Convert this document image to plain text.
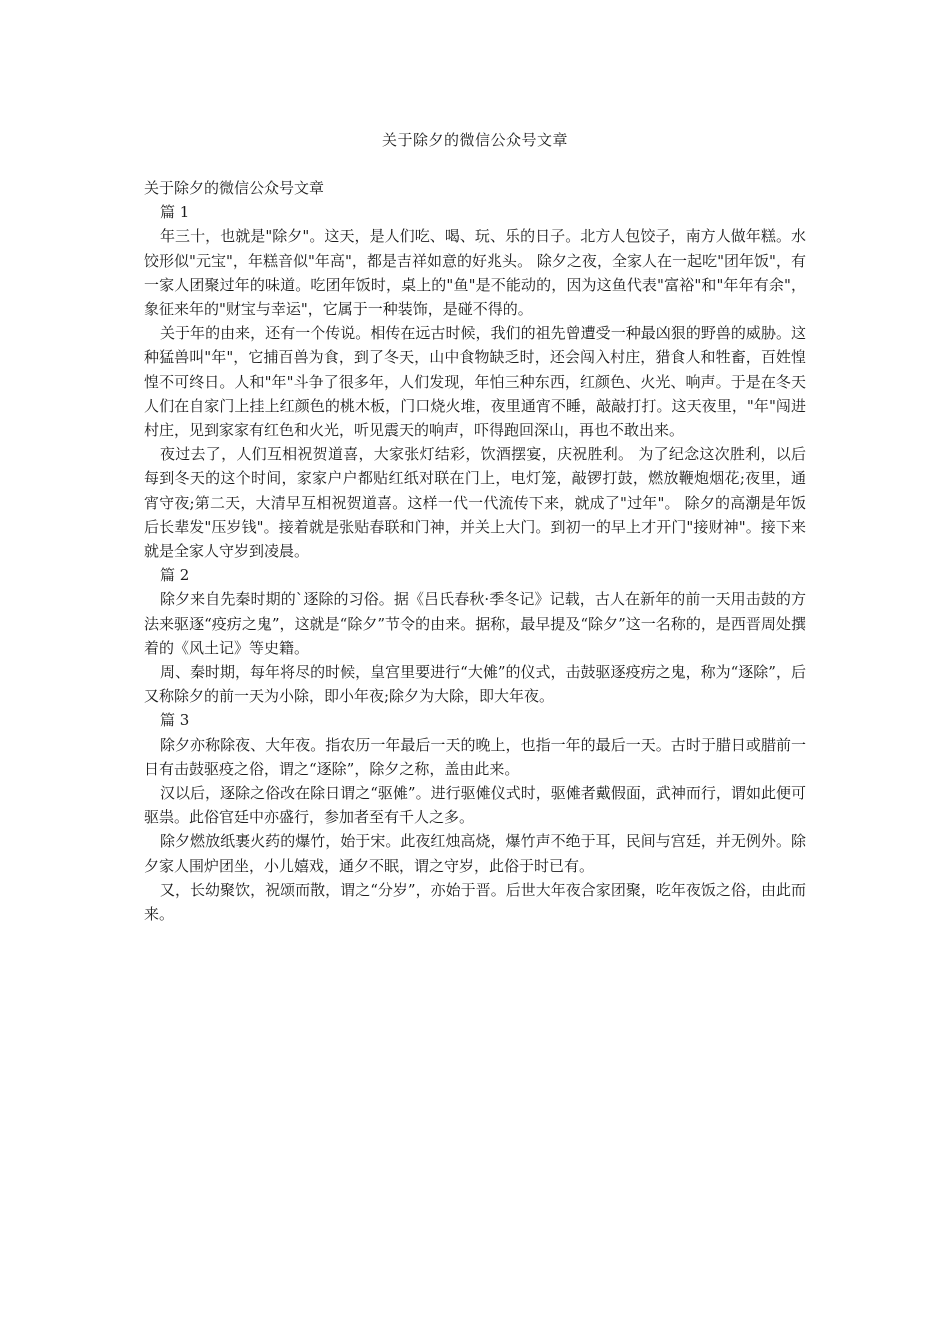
关于除夕的微信公众号文章

关于除夕的微信公众号文章

篇 1

年三十，也就是"除夕"。这天，是人们吃、喝、玩、乐的日子。北方人包饺子，南方人做年糕。水饺形似"元宝"，年糕音似"年高"，都是吉祥如意的好兆头。 除夕之夜，全家人在一起吃"团年饭"，有一家人团聚过年的味道。吃团年饭时，桌上的"鱼"是不能动的，因为这鱼代表"富裕"和"年年有余"，象征来年的"财宝与幸运"，它属于一种装饰，是碰不得的。

关于年的由来，还有一个传说。相传在远古时候，我们的祖先曾遭受一种最凶狠的野兽的威胁。这种猛兽叫"年"，它捕百兽为食，到了冬天，山中食物缺乏时，还会闯入村庄，猎食人和牲畜，百姓惶惶不可终日。人和"年"斗争了很多年，人们发现，年怕三种东西，红颜色、火光、响声。于是在冬天人们在自家门上挂上红颜色的桃木板，门口烧火堆，夜里通宵不睡，敲敲打打。这天夜里，"年"闯进村庄，见到家家有红色和火光，听见震天的响声，吓得跑回深山，再也不敢出来。

夜过去了，人们互相祝贺道喜，大家张灯结彩，饮酒摆宴，庆祝胜利。 为了纪念这次胜利，以后每到冬天的这个时间，家家户户都贴红纸对联在门上，电灯笼，敲锣打鼓，燃放鞭炮烟花;夜里，通宵守夜;第二天，大清早互相祝贺道喜。这样一代一代流传下来，就成了"过年"。 除夕的高潮是年饭后长辈发"压岁钱"。接着就是张贴春联和门神，并关上大门。到初一的早上才开门"接财神"。接下来就是全家人守岁到凌晨。

篇 2

除夕来自先秦时期的`逐除的习俗。据《吕氏春秋·季冬记》记载，古人在新年的前一天用击鼓的方法来驱逐“疫疠之鬼”，这就是“除夕”节令的由来。据称，最早提及“除夕”这一名称的，是西晋周处撰着的《风土记》等史籍。

周、秦时期，每年将尽的时候，皇宫里要进行“大傩”的仪式，击鼓驱逐疫疠之鬼，称为“逐除”，后又称除夕的前一天为小除，即小年夜;除夕为大除，即大年夜。

篇 3

除夕亦称除夜、大年夜。指农历一年最后一天的晚上，也指一年的最后一天。古时于腊日或腊前一日有击鼓驱疫之俗，谓之“逐除”，除夕之称，盖由此来。

汉以后，逐除之俗改在除日谓之“驱傩”。进行驱傩仪式时，驱傩者戴假面，武神而行，谓如此便可驱祟。此俗官廷中亦盛行，参加者至有千人之多。

除夕燃放纸裹火药的爆竹，始于宋。此夜红烛高烧，爆竹声不绝于耳，民间与宫廷，并无例外。除夕家人围炉团坐，小儿嬉戏，通夕不眠，谓之守岁，此俗于时已有。

又，长幼聚饮，祝颂而散，谓之“分岁”，亦始于晋。后世大年夜合家团聚，吃年夜饭之俗，由此而来。
